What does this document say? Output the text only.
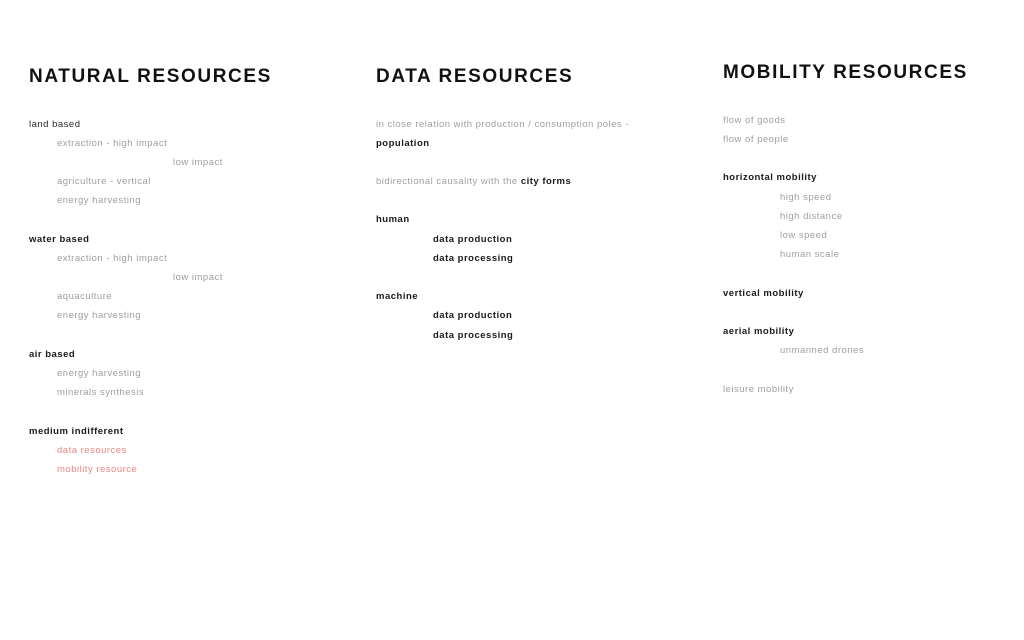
NATURAL RESOURCES
land based
extraction - high impact
low impact
agriculture - vertical
energy harvesting
water based
extraction - high impact
low impact
aquaculture
energy harvesting
air based
energy harvesting
minerals synthesis
medium indifferent
data resources
mobility resource
DATA RESOURCES
in close relation with production / consumption poles -
population
bidirectional causality with the city forms
human
data production
data processing
machine
data production
data processing
MOBILITY RESOURCES
flow of goods
flow of people
horizontal mobility
high speed
high distance
low speed
human scale
vertical mobility
aerial mobility
unmanned drones
leisure mobility
